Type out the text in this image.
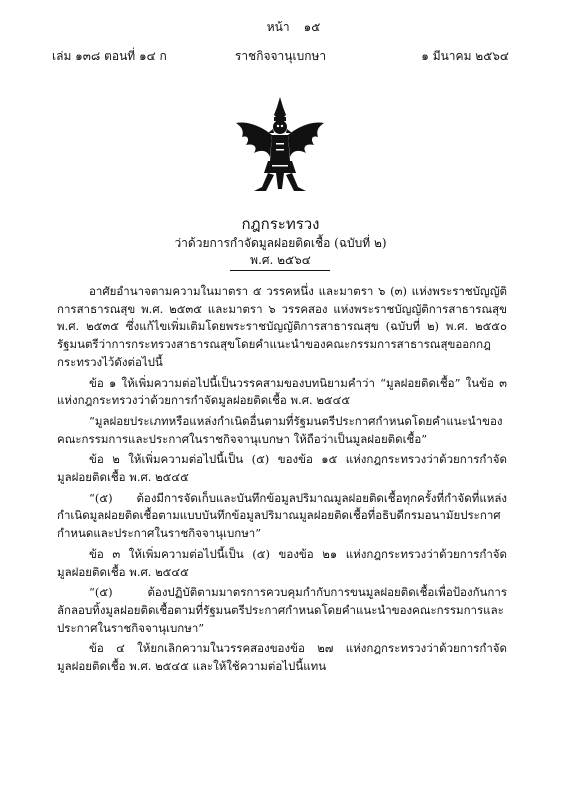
หน้า ๑๕
เล่ม ๑๓๘ ตอนที่ ๑๔ ก	ราชกิจจานุเบกษา	๑ มีนาคม ๒๕๖๔
กฎกระทรวง
ว่าด้วยการกำจัดมูลฝอยติดเชื้อ (ฉบับที่ ๒)
พ.ศ. ๒๕๖๔

อาศัยอำนาจตามความในมาตรา ๕ วรรคหนึ่ง และมาตรา ๖ (๓) แห่งพระราชบัญญัติการสาธารณสุข พ.ศ. ๒๕๓๕ และมาตรา ๖ วรรคสอง แห่งพระราชบัญญัติการสาธารณสุข พ.ศ. ๒๕๓๕ ซึ่งแก้ไขเพิ่มเติมโดยพระราชบัญญัติการสาธารณสุข (ฉบับที่ ๒) พ.ศ. ๒๕๕๐ รัฐมนตรีว่าการกระทรวงสาธารณสุขโดยคำแนะนำของคณะกรรมการสาธารณสุขออกกฎกระทรวงไว้ดังต่อไปนี้

ข้อ ๑ ให้เพิ่มความต่อไปนี้เป็นวรรคสามของบทนิยามคำว่า “มูลฝอยติดเชื้อ” ในข้อ ๓ แห่งกฎกระทรวงว่าด้วยการกำจัดมูลฝอยติดเชื้อ พ.ศ. ๒๕๔๕

“มูลฝอยประเภทหรือแหล่งกำเนิดอื่นตามที่รัฐมนตรีประกาศกำหนดโดยคำแนะนำของคณะกรรมการและประกาศในราชกิจจานุเบกษา ให้ถือว่าเป็นมูลฝอยติดเชื้อ”

ข้อ ๒ ให้เพิ่มความต่อไปนี้เป็น (๕) ของข้อ ๑๕ แห่งกฎกระทรวงว่าด้วยการกำจัดมูลฝอยติดเชื้อ พ.ศ. ๒๕๔๕

“(๕) ต้องมีการจัดเก็บและบันทึกข้อมูลปริมาณมูลฝอยติดเชื้อทุกครั้งที่กำจัดที่แหล่งกำเนิดมูลฝอยติดเชื้อตามแบบบันทึกข้อมูลปริมาณมูลฝอยติดเชื้อที่อธิบดีกรมอนามัยประกาศกำหนดและประกาศในราชกิจจานุเบกษา”

ข้อ ๓ ให้เพิ่มความต่อไปนี้เป็น (๕) ของข้อ ๒๑ แห่งกฎกระทรวงว่าด้วยการกำจัดมูลฝอยติดเชื้อ พ.ศ. ๒๕๔๕

“(๕) ต้องปฏิบัติตามมาตรการควบคุมกำกับการขนมูลฝอยติดเชื้อเพื่อป้องกันการลักลอบทิ้งมูลฝอยติดเชื้อตามที่รัฐมนตรีประกาศกำหนดโดยคำแนะนำของคณะกรรมการและประกาศในราชกิจจานุเบกษา”

ข้อ ๔ ให้ยกเลิกความในวรรคสองของข้อ ๒๗ แห่งกฎกระทรวงว่าด้วยการกำจัดมูลฝอยติดเชื้อ พ.ศ. ๒๕๔๕ และให้ใช้ความต่อไปนี้แทน
